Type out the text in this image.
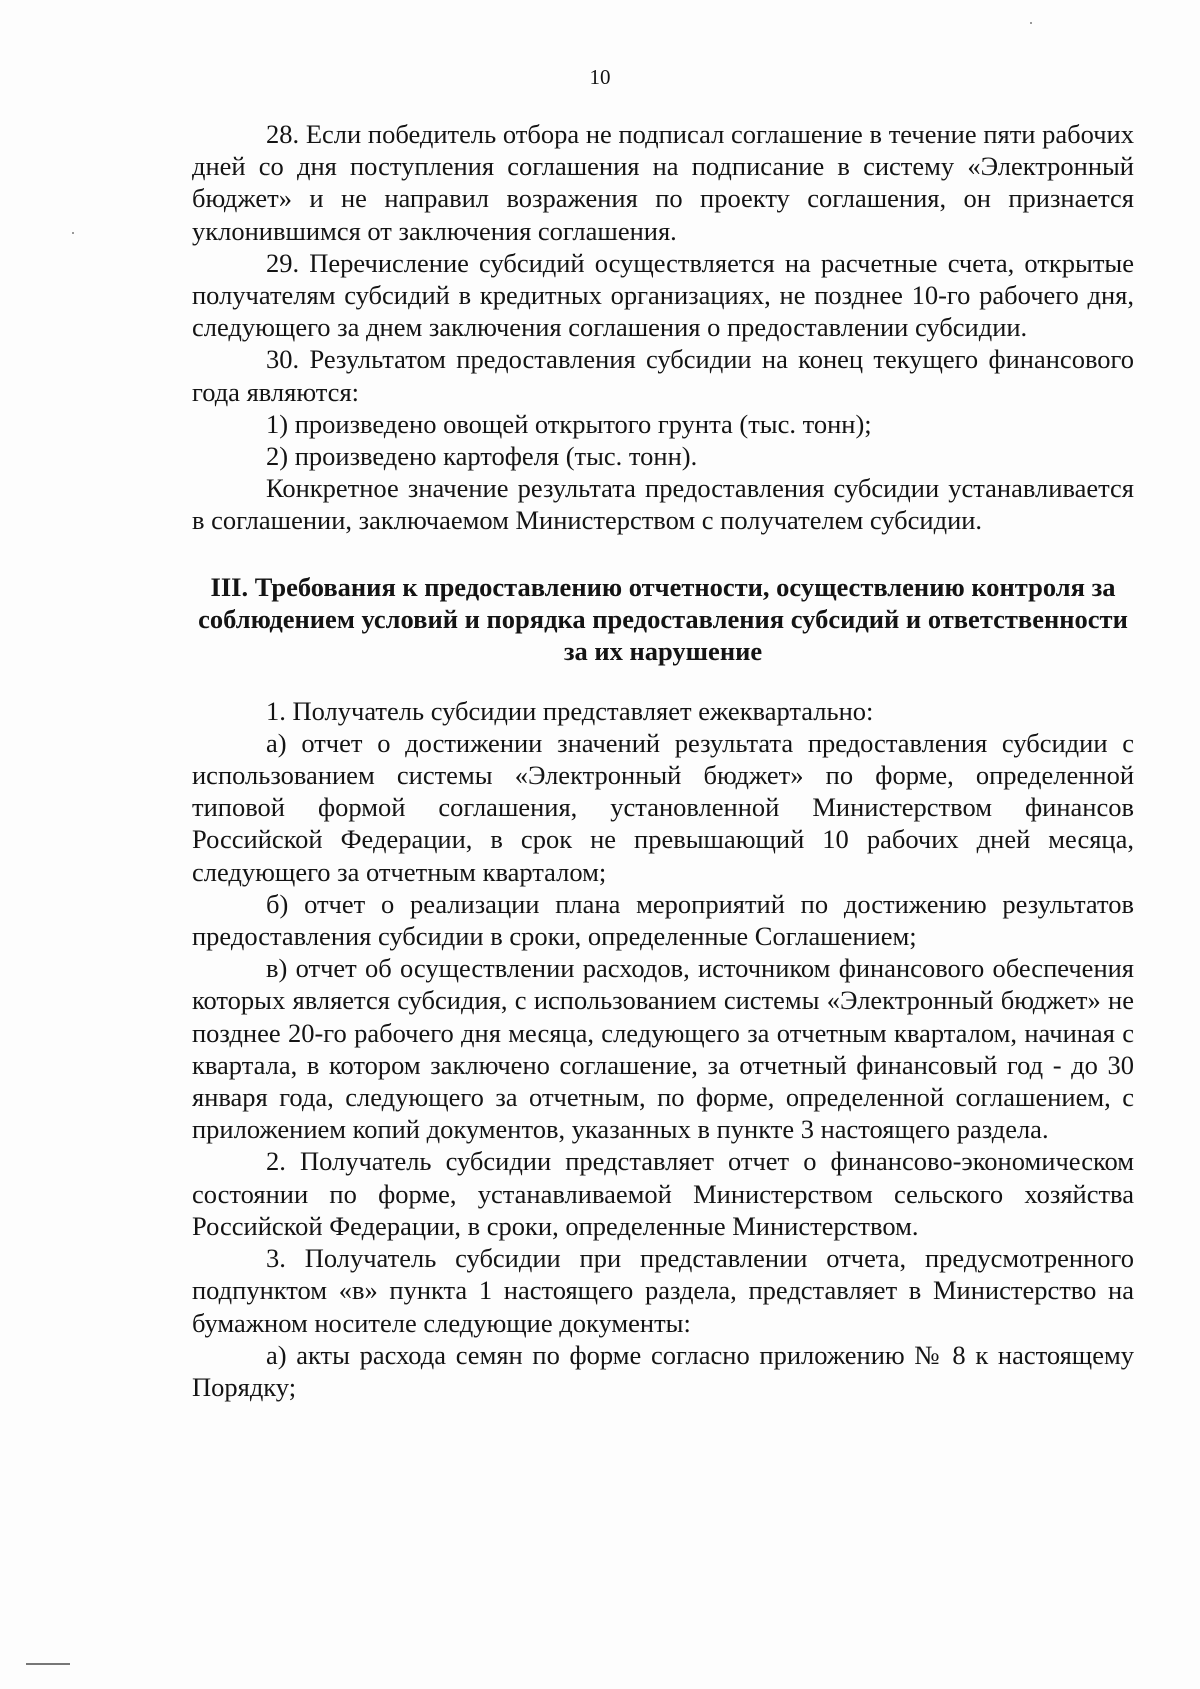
10

28. Если победитель отбора не подписал соглашение в течение пяти рабочих дней со дня поступления соглашения на подписание в систему «Электронный бюджет» и не направил возражения по проекту соглашения, он признается уклонившимся от заключения соглашения.

29. Перечисление субсидий осуществляется на расчетные счета, открытые получателям субсидий в кредитных организациях, не позднее 10-го рабочего дня, следующего за днем заключения соглашения о предоставлении субсидии.

30. Результатом предоставления субсидии на конец текущего финансового года являются:

1) произведено овощей открытого грунта (тыс. тонн);

2) произведено картофеля (тыс. тонн).

Конкретное значение результата предоставления субсидии устанавливается в соглашении, заключаемом Министерством с получателем субсидии.

III. Требования к предоставлению отчетности, осуществлению контроля за соблюдением условий и порядка предоставления субсидий и ответственности за их нарушение

1. Получатель субсидии представляет ежеквартально:

а) отчет о достижении значений результата предоставления субсидии с использованием системы «Электронный бюджет» по форме, определенной типовой формой соглашения, установленной Министерством финансов Российской Федерации, в срок не превышающий 10 рабочих дней месяца, следующего за отчетным кварталом;

б) отчет о реализации плана мероприятий по достижению результатов предоставления субсидии в сроки, определенные Соглашением;

в) отчет об осуществлении расходов, источником финансового обеспечения которых является субсидия, с использованием системы «Электронный бюджет» не позднее 20-го рабочего дня месяца, следующего за отчетным кварталом, начиная с квартала, в котором заключено соглашение, за отчетный финансовый год - до 30 января года, следующего за отчетным, по форме, определенной соглашением, с приложением копий документов, указанных в пункте 3 настоящего раздела.

2. Получатель субсидии представляет отчет о финансово-экономическом состоянии по форме, устанавливаемой Министерством сельского хозяйства Российской Федерации, в сроки, определенные Министерством.

3. Получатель субсидии при представлении отчета, предусмотренного подпунктом «в» пункта 1 настоящего раздела, представляет в Министерство на бумажном носителе следующие документы:

а) акты расхода семян по форме согласно приложению № 8 к настоящему Порядку;
